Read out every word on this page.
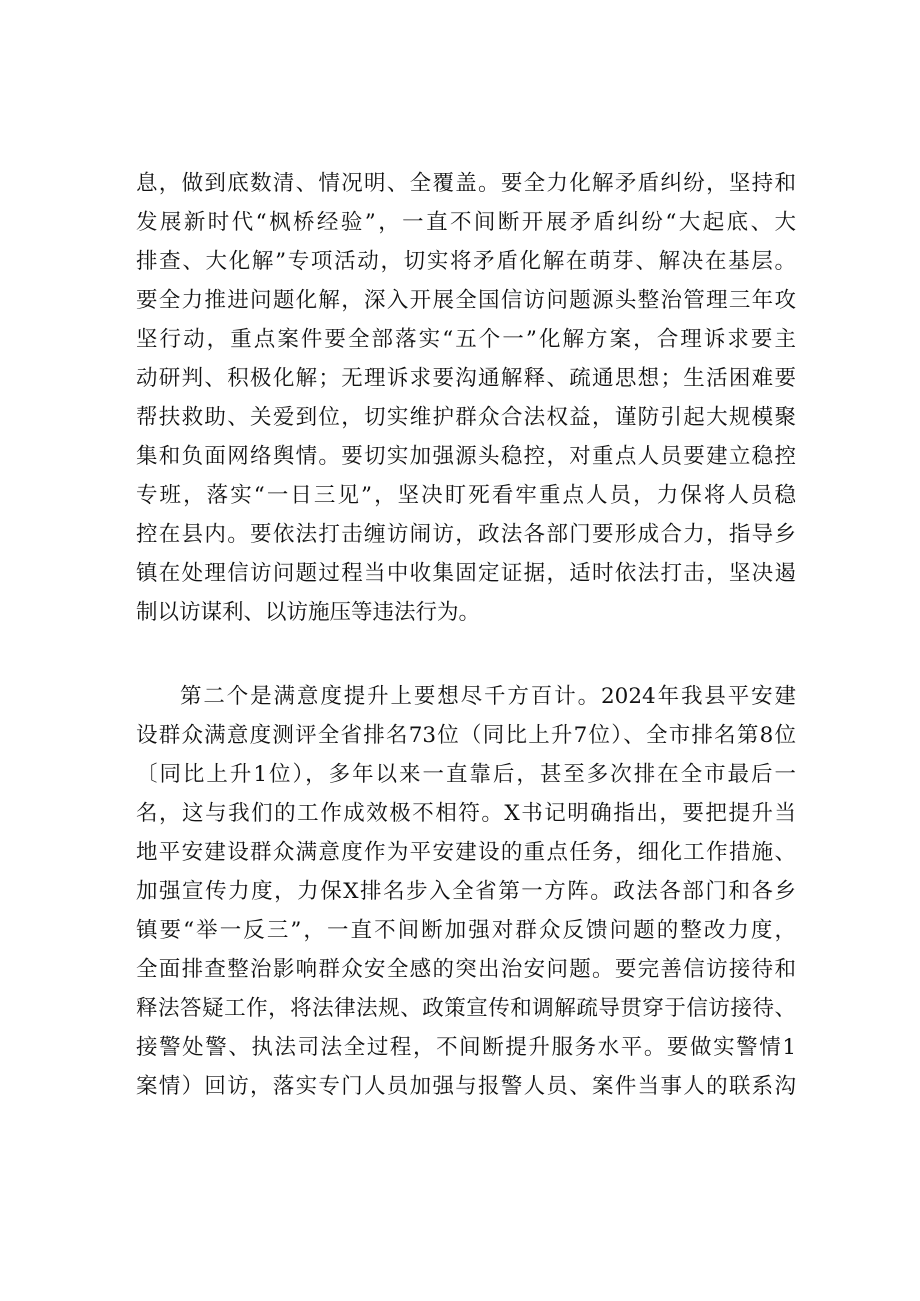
息，做到底数清、情况明、全覆盖。要全力化解矛盾纠纷，坚持和
发展新时代“枫桥经验”，一直不间断开展矛盾纠纷“大起底、大
排查、大化解”专项活动，切实将矛盾化解在萌芽、解决在基层。
要全力推进问题化解，深入开展全国信访问题源头整治管理三年攻
坚行动，重点案件要全部落实“五个一”化解方案，合理诉求要主
动研判、积极化解；无理诉求要沟通解释、疏通思想；生活困难要
帮扶救助、关爱到位，切实维护群众合法权益，谨防引起大规模聚
集和负面网络舆情。要切实加强源头稳控，对重点人员要建立稳控
专班，落实“一日三见”，坚决盯死看牢重点人员，力保将人员稳
控在县内。要依法打击缠访闹访，政法各部门要形成合力，指导乡
镇在处理信访问题过程当中收集固定证据，适时依法打击，坚决遏
制以访谋利、以访施压等违法行为。
第二个是满意度提升上要想尽千方百计。2024年我县平安建
设群众满意度测评全省排名73位（同比上升7位）、全市排名第8位
〔同比上升1位），多年以来一直靠后，甚至多次排在全市最后一
名，这与我们的工作成效极不相符。X书记明确指出，要把提升当
地平安建设群众满意度作为平安建设的重点任务，细化工作措施、
加强宣传力度，力保X排名步入全省第一方阵。政法各部门和各乡
镇要“举一反三”，一直不间断加强对群众反馈问题的整改力度，
全面排查整治影响群众安全感的突出治安问题。要完善信访接待和
释法答疑工作，将法律法规、政策宣传和调解疏导贯穿于信访接待、
接警处警、执法司法全过程，不间断提升服务水平。要做实警情1
案情）回访，落实专门人员加强与报警人员、案件当事人的联系沟
